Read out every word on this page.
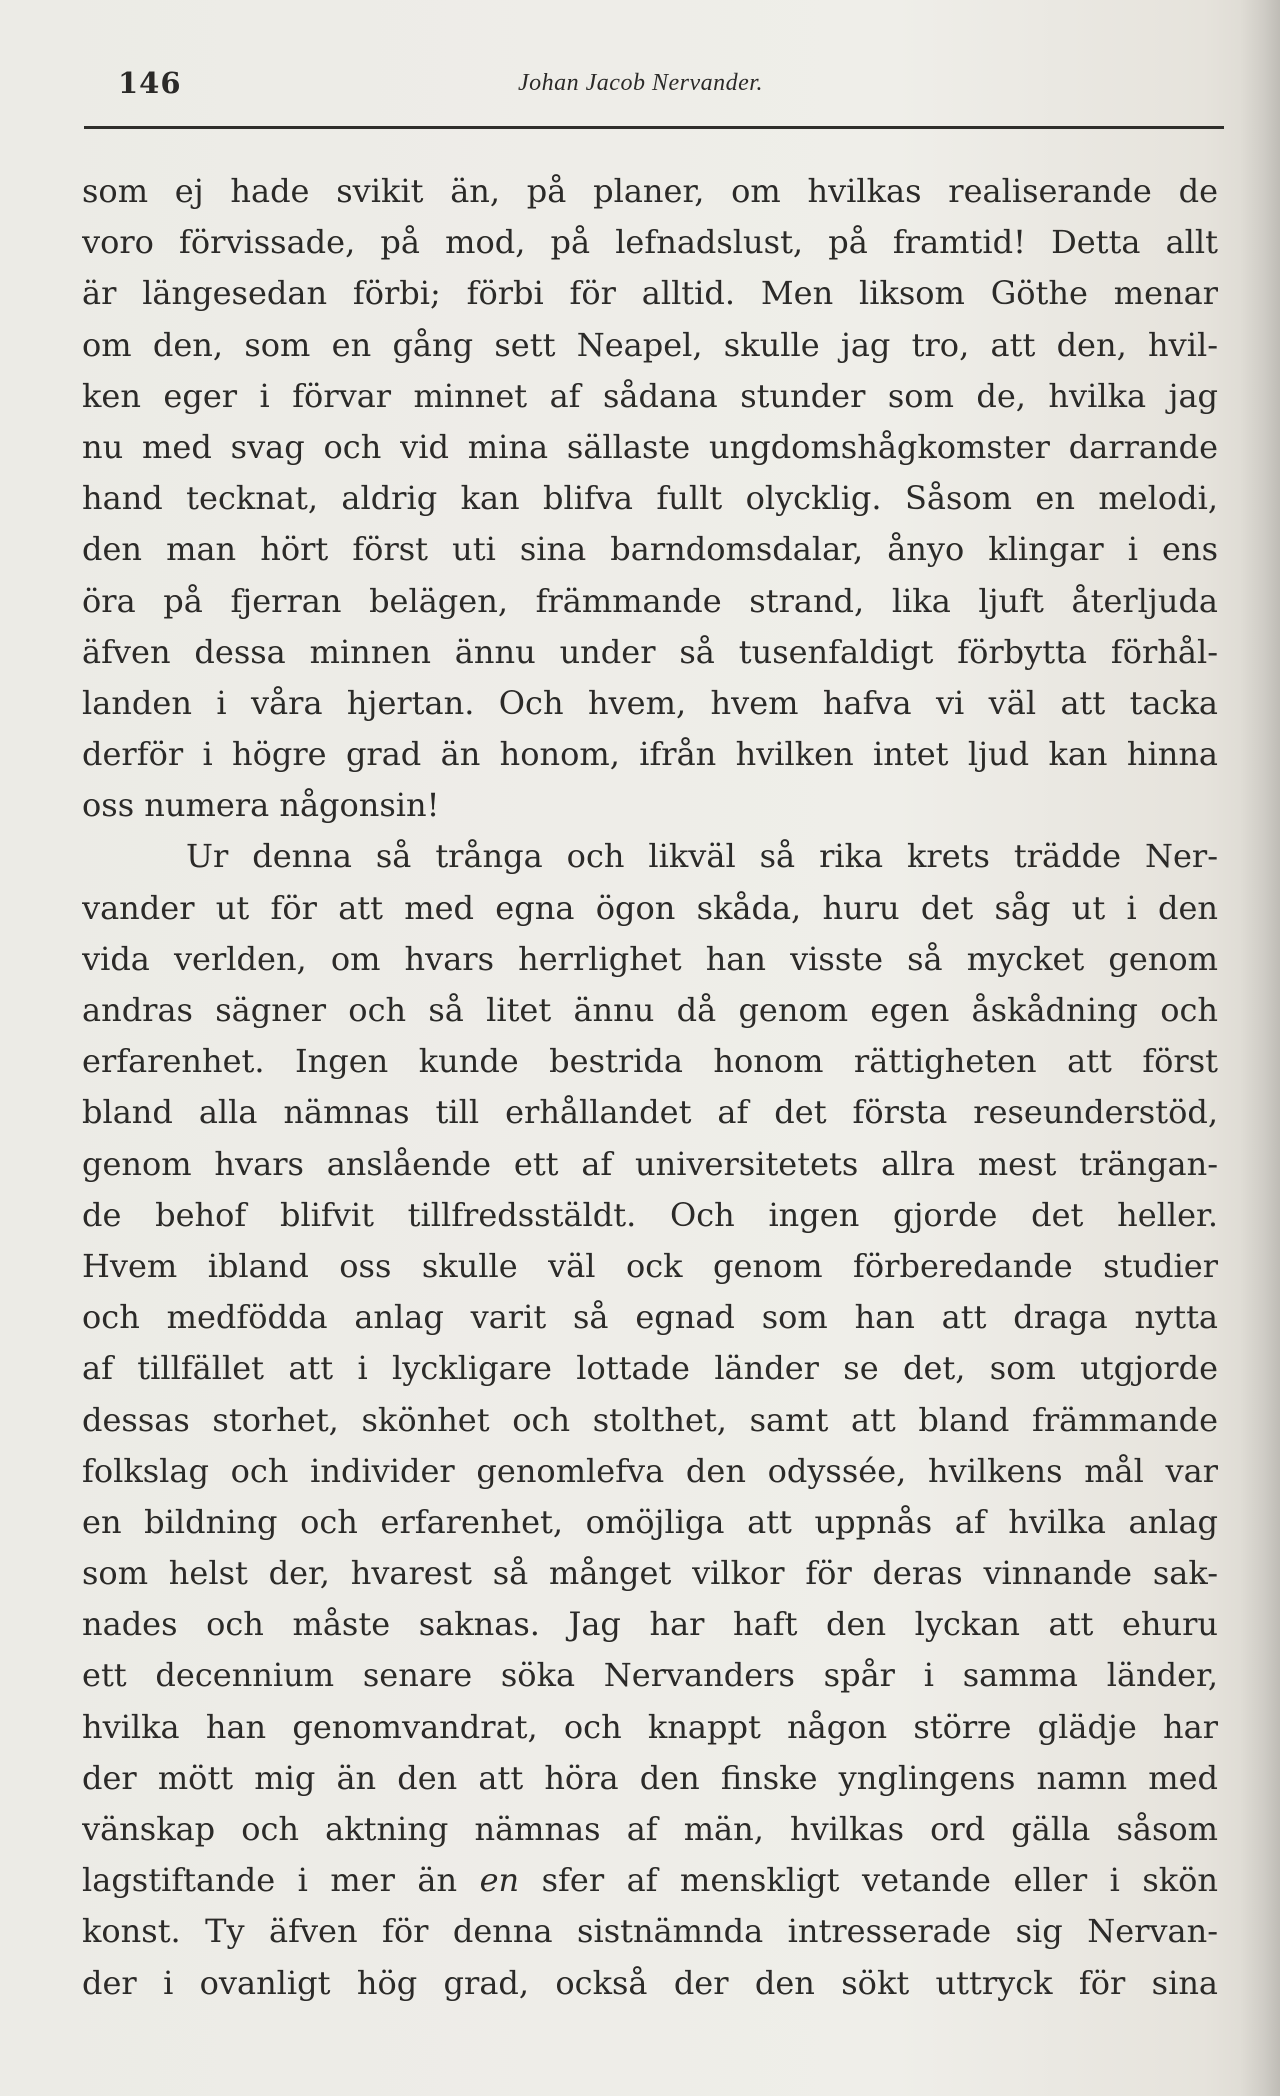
146	Johan Jacob Nervander.
som ej hade svikit än, på planer, om hvilkas realiserande de
voro förvissade, på mod, på lefnadslust, på framtid! Detta allt
är längesedan förbi; förbi för alltid. Men liksom Göthe menar
om den, som en gång sett Neapel, skulle jag tro, att den, hvil-
ken eger i förvar minnet af sådana stunder som de, hvilka jag
nu med svag och vid mina sällaste ungdomshågkomster darrande
hand tecknat, aldrig kan blifva fullt olycklig. Såsom en melodi,
den man hört först uti sina barndomsdalar, ånyo klingar i ens
öra på fjerran belägen, främmande strand, lika ljuft återljuda
äfven dessa minnen ännu under så tusenfaldigt förbytta förhål-
landen i våra hjertan. Och hvem, hvem hafva vi väl att tacka
derför i högre grad än honom, ifrån hvilken intet ljud kan hinna
oss numera någonsin!
Ur denna så trånga och likväl så rika krets trädde Ner-
vander ut för att med egna ögon skåda, huru det såg ut i den
vida verlden, om hvars herrlighet han visste så mycket genom
andras sägner och så litet ännu då genom egen åskådning och
erfarenhet. Ingen kunde bestrida honom rättigheten att först
bland alla nämnas till erhållandet af det första reseunderstöd,
genom hvars anslående ett af universitetets allra mest trängan-
de behof blifvit tillfredsstäldt. Och ingen gjorde det heller.
Hvem ibland oss skulle väl ock genom förberedande studier
och medfödda anlag varit så egnad som han att draga nytta
af tillfället att i lyckligare lottade länder se det, som utgjorde
dessas storhet, skönhet och stolthet, samt att bland främmande
folkslag och individer genomlefva den odyssée, hvilkens mål var
en bildning och erfarenhet, omöjliga att uppnås af hvilka anlag
som helst der, hvarest så månget vilkor för deras vinnande sak-
nades och måste saknas. Jag har haft den lyckan att ehuru
ett decennium senare söka Nervanders spår i samma länder,
hvilka han genomvandrat, och knappt någon större glädje har
der mött mig än den att höra den finske ynglingens namn med
vänskap och aktning nämnas af män, hvilkas ord gälla såsom
lagstiftande i mer än en sfer af menskligt vetande eller i skön
konst. Ty äfven för denna sistnämnda intresserade sig Nervan-
der i ovanligt hög grad, också der den sökt uttryck för sina
